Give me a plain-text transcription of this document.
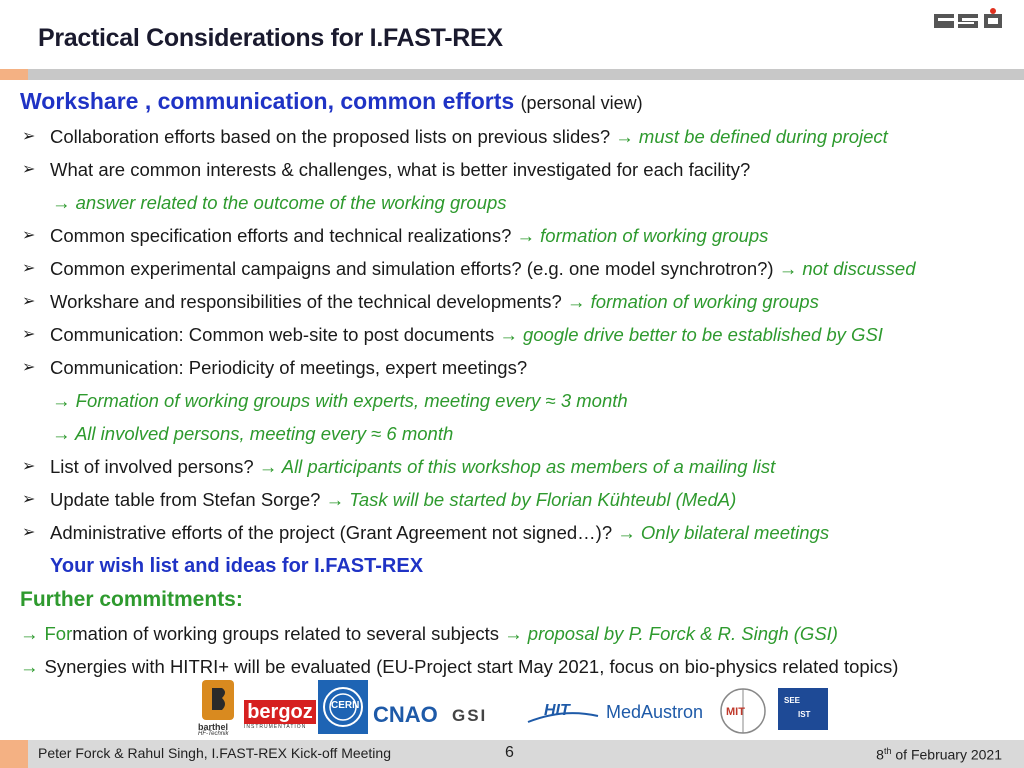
Practical Considerations for I.FAST-REX
Workshare , communication, common efforts (personal view)
➢ Collaboration efforts based on the proposed lists on previous slides? → must be defined during project
➢ What are common interests & challenges, what is better investigated for each facility?
→ answer related to the outcome of the working groups
➢ Common specification efforts and technical realizations? → formation of working groups
➢ Common experimental campaigns and simulation efforts? (e.g. one model synchrotron?) → not discussed
➢ Workshare and responsibilities of the technical developments? → formation of working groups
➢ Communication: Common web-site to post documents → google drive better to be established by GSI
➢ Communication: Periodicity of meetings, expert meetings?
→ Formation of working groups with experts, meeting every ≈ 3 month
→ All involved persons, meeting every ≈ 6 month
➢ List of involved persons? → All participants of this workshop as members of a mailing list
➢ Update table from Stefan Sorge? → Task will be started by Florian Kühteubl (MedA)
➢ Administrative efforts of the project (Grant Agreement not signed…)? → Only bilateral meetings
Your wish list and ideas for I.FAST-REX
Further commitments:
→ Formation of working groups related to several subjects → proposal by P. Forck & R. Singh (GSI)
→ Synergies with HITRI+ will be evaluated (EU-Project start May 2021, focus on bio-physics related topics)
barthel
HF-Technik
bergoz
INSTRUMENTATION
CERN CNAO GSI	HIT MedAustron	MIT
SEE
IST
Peter Forck & Rahul Singh, I.FAST-REX Kick-off Meeting	6	8th of February 2021
